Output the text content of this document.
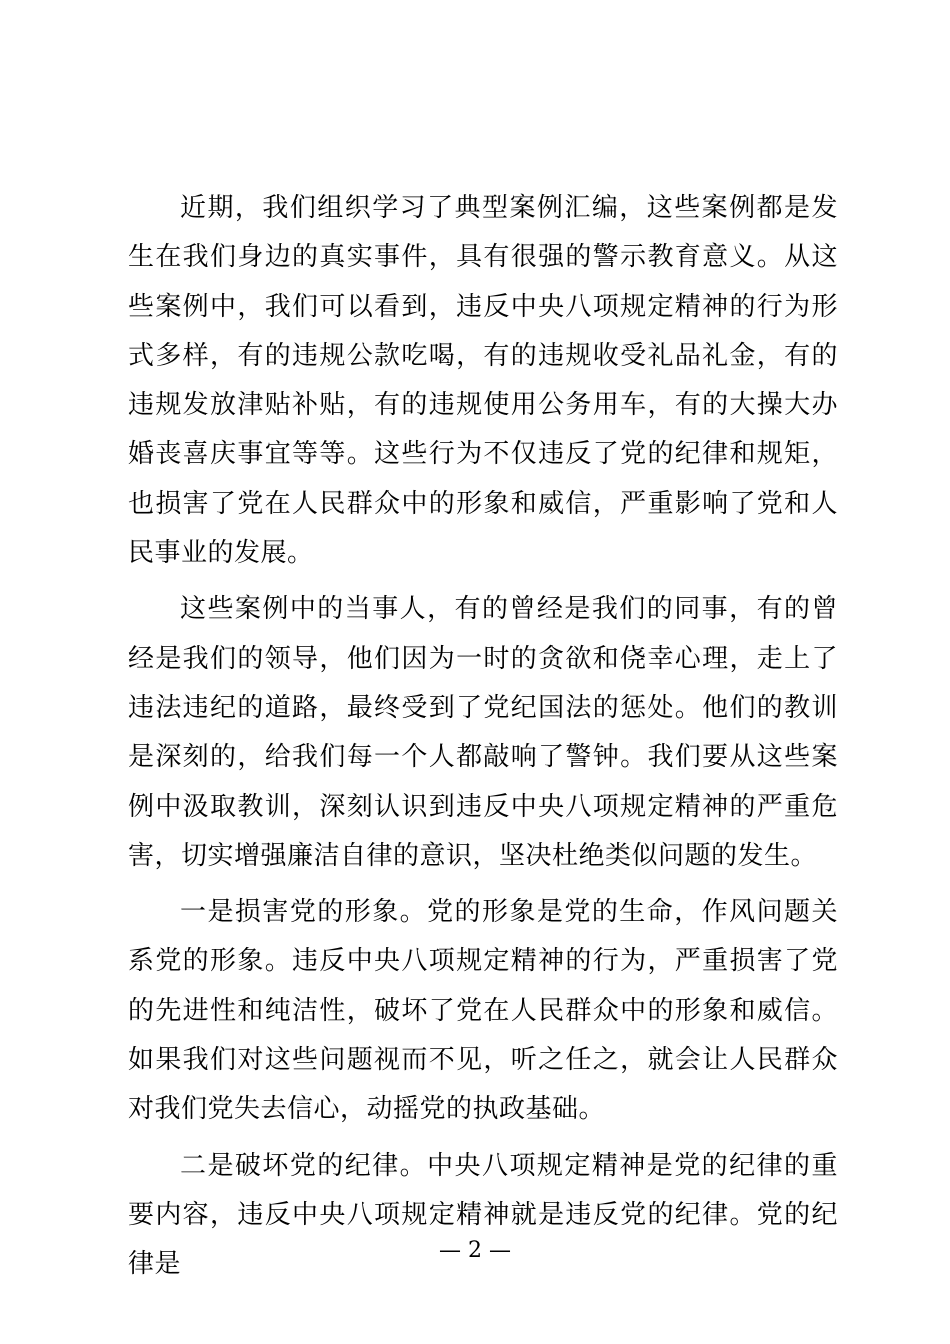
近期，我们组织学习了典型案例汇编，这些案例都是发生在我们身边的真实事件，具有很强的警示教育意义。从这些案例中，我们可以看到，违反中央八项规定精神的行为形式多样，有的违规公款吃喝，有的违规收受礼品礼金，有的违规发放津贴补贴，有的违规使用公务用车，有的大操大办婚丧喜庆事宜等等。这些行为不仅违反了党的纪律和规矩，也损害了党在人民群众中的形象和威信，严重影响了党和人民事业的发展。

这些案例中的当事人，有的曾经是我们的同事，有的曾经是我们的领导，他们因为一时的贪欲和侥幸心理，走上了违法违纪的道路，最终受到了党纪国法的惩处。他们的教训是深刻的，给我们每一个人都敲响了警钟。我们要从这些案例中汲取教训，深刻认识到违反中央八项规定精神的严重危害，切实增强廉洁自律的意识，坚决杜绝类似问题的发生。

一是损害党的形象。党的形象是党的生命，作风问题关系党的形象。违反中央八项规定精神的行为，严重损害了党的先进性和纯洁性，破坏了党在人民群众中的形象和威信。如果我们对这些问题视而不见，听之任之，就会让人民群众对我们党失去信心，动摇党的执政基础。

二是破坏党的纪律。中央八项规定精神是党的纪律的重要内容，违反中央八项规定精神就是违反党的纪律。党的纪律是	— 2 —
